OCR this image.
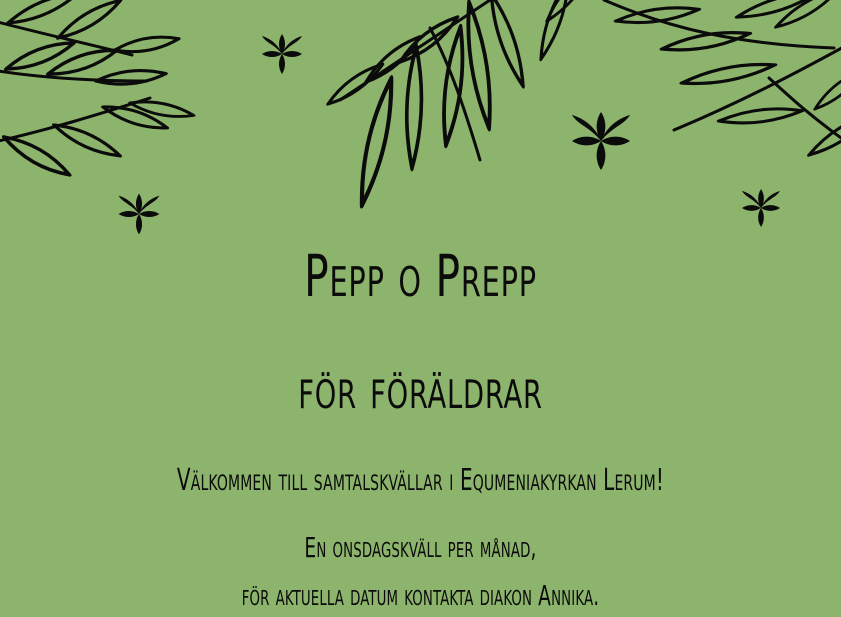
Pepp o Prepp
för föräldrar
Välkommen till samtalskvällar i Equmeniakyrkan Lerum!
En onsdagskväll per månad,
för aktuella datum kontakta diakon Annika.
